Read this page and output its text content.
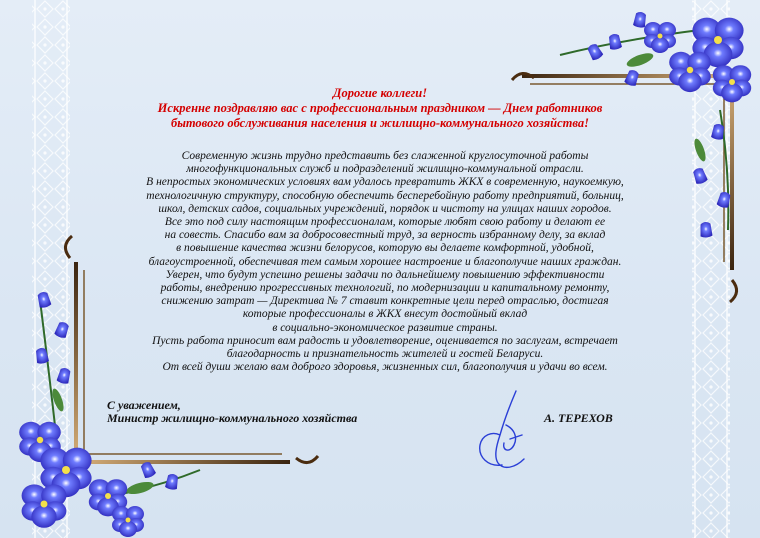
Дорогие коллеги!
Искренне поздравляю вас с профессиональным праздником — Днем работников
бытового обслуживания населения и жилищно-коммунального хозяйства!
Современную жизнь трудно представить без слаженной круглосуточной работы
многофункциональных служб и подразделений жилищно-коммунальной отрасли.
В непростых экономических условиях вам удалось превратить ЖКХ в современную, наукоемкую,
технологичную структуру, способную обеспечить бесперебойную работу предприятий, больниц,
школ, детских садов, социальных учреждений, порядок и чистоту на улицах наших городов.
Все это под силу настоящим профессионалам, которые любят свою работу и делают ее
на совесть. Спасибо вам за добросовестный труд, за верность избранному делу, за вклад
в повышение качества жизни белорусов, которую вы делаете комфортной, удобной,
благоустроенной, обеспечивая тем самым хорошее настроение и благополучие наших граждан.
Уверен, что будут успешно решены задачи по дальнейшему повышению эффективности
работы, внедрению прогрессивных технологий, по модернизации и капитальному ремонту,
снижению затрат — Директива № 7 ставит конкретные цели перед отраслью, достигая
которые профессионалы в ЖКХ внесут достойный вклад
в социально-экономическое развитие страны.
Пусть работа приносит вам радость и удовлетворение, оценивается по заслугам, встречает
благодарность и признательность жителей и гостей Беларуси.
От всей души желаю вам доброго здоровья, жизненных сил, благополучия и удачи во всем.
С уважением,
Министр жилищно-коммунального хозяйства	А. ТЕРЕХОВ
